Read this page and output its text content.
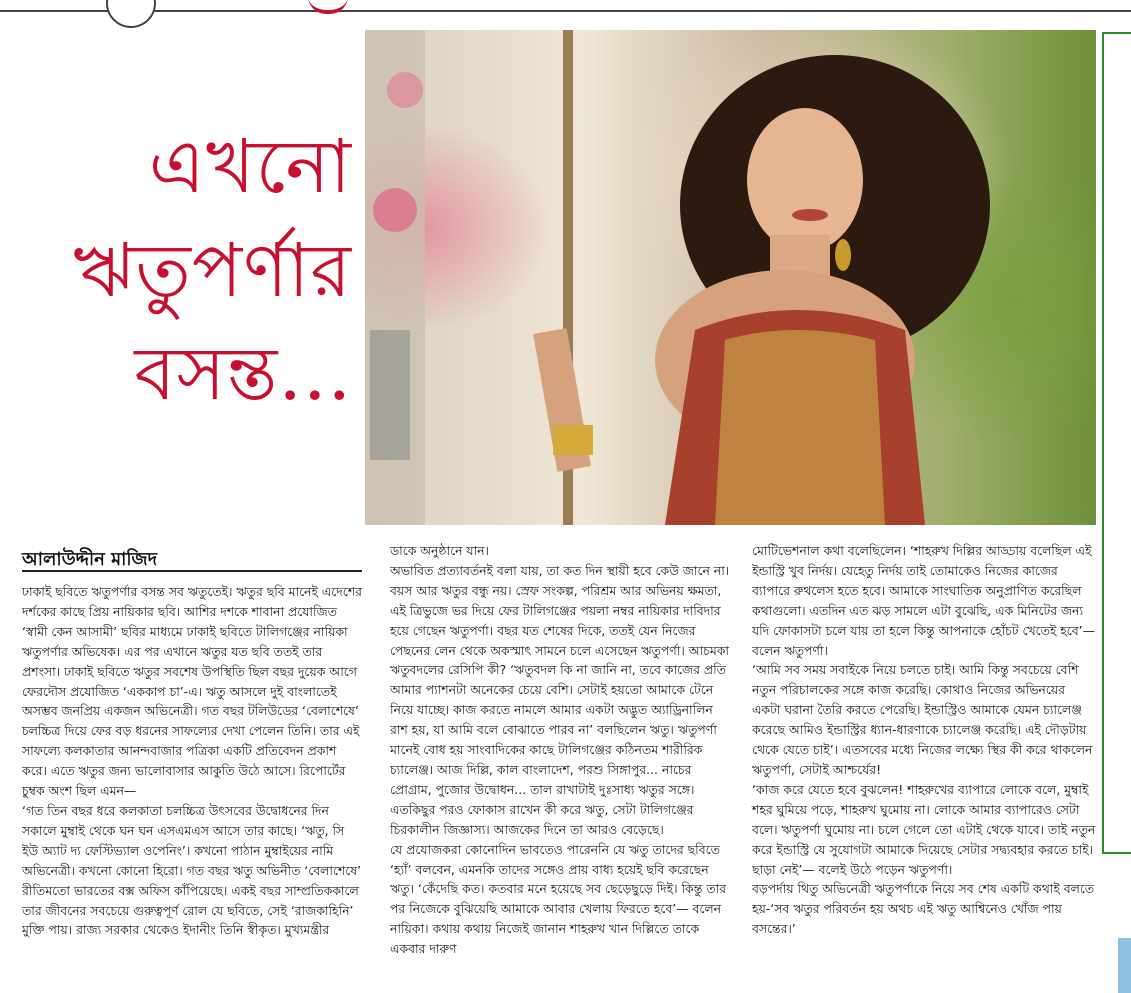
এখনো
ঋতুপর্ণার
বসন্ত...
আলাউদ্দীন মাজিদ

ঢাকাই ছবিতে ঋতুপর্ণার বসন্ত সব ঋতুতেই। ঋতুর ছবি মানেই এদেশের দর্শকের কাছে প্রিয় নায়িকার ছবি। আশির দশকে শাবানা প্রযোজিত ‘স্বামী কেন আসামী’ ছবির মাধ্যমে ঢাকাই ছবিতে টালিগঞ্জের নায়িকা ঋতুপর্ণার অভিষেক। এর পর এখানে ঋতুর যত ছবি ততই তার প্রশংসা। ঢাকাই ছবিতে ঋতুর সবশেষ উপস্থিতি ছিল বছর দুয়েক আগে ফেরদৌস প্রযোজিত ‘এককাপ চা’-এ। ঋতু আসলে দুই বাংলাতেই অসম্ভব জনপ্রিয় একজন অভিনেত্রী। গত বছর টলিউডের ‘বেলাশেষে’ চলচ্চিত্র দিয়ে ফের বড় ধরনের সাফল্যের দেখা পেলেন তিনি। তার এই সাফল্যে কলকাতার আনন্দবাজার পত্রিকা একটি প্রতিবেদন প্রকাশ করে। এতে ঋতুর জন্য ভালোবাসার আকুতি উঠে আসে। রিপোর্টের চুম্বক অংশ ছিল এমন—

‘গত তিন বছর ধরে কলকাতা চলচ্চিত্র উৎসবের উদ্বোধনের দিন সকালে মুম্বাই থেকে ঘন ঘন এসএমএস আসে তার কাছে। ‘ঋতু, সি ইউ অ্যাট দ্য ফেস্টিভ্যাল ওপেনিং’। কখনো পাঠান মুম্বাইয়ের নামি অভিনেত্রী। কখনো কোনো হিরো। গত বছর ঋতু অভিনীত ‘বেলাশেষে’ রীতিমতো ভারতের বক্স অফিস কাঁপিয়েছে। একই বছর সাম্প্রতিককালে তার জীবনের সবচেয়ে গুরুত্বপূর্ণ রোল যে ছবিতে, সেই ‘রাজকাহিনি’ মুক্তি পায়। রাজ্য সরকার থেকেও ইদানীং তিনি স্বীকৃত। মুখ্যমন্ত্রীর

ডাকে অনুষ্ঠানে যান।

অভাবিত প্রত্যাবর্তনই বলা যায়, তা কত দিন স্থায়ী হবে কেউ জানে না। বয়স আর ঋতুর বন্ধু নয়। স্রেফ সংকল্প, পরিশ্রম আর অভিনয় ক্ষমতা, এই ত্রিভুজে ভর দিয়ে ফের টালিগঞ্জের পয়লা নম্বর নায়িকার দাবিদার হয়ে গেছেন ঋতুপর্ণা। বছর যত শেষের দিকে, ততই যেন নিজের পেছনের লেন থেকে অকস্মাৎ সামনে চলে এসেছেন ঋতুপর্ণা। আচমকা ঋতুবদলের রেসিপি কী? ‘ঋতুবদল কি না জানি না, তবে কাজের প্রতি আমার প্যাশনটা অনেকের চেয়ে বেশি। সেটাই হয়তো আমাকে টেনে নিয়ে যাচ্ছে। কাজ করতে নামলে আমার একটা অদ্ভুত অ্যাড্রিনালিন রাশ হয়, যা আমি বলে বোঝাতে পারব না’ বলছিলেন ঋতু। ঋতুপর্ণা মানেই বোধ হয় সাংবাদিকের কাছে টালিগঞ্জের কঠিনতম শারীরিক চ্যালেঞ্জ। আজ দিল্লি, কাল বাংলাদেশ, পরশু সিঙ্গাপুর... নাচের প্রোগ্রাম, পুজোর উদ্বোধন... তাল রাখাটাই দুঃসাধ্য ঋতুর সঙ্গে। এতকিছুর পরও ফোকাস রাখেন কী করে ঋতু, সেটা টালিগঞ্জের চিরকালীন জিজ্ঞাস্য। আজকের দিনে তা আরও বেড়েছে।

যে প্রযোজকরা কোনোদিন ভাবতেও পারেননি যে ঋতু তাদের ছবিতে ‘হ্যাঁ’ বলবেন, এমনকি তাদের সঙ্গেও প্রায় বাধ্য হয়েই ছবি করেছেন ঋতু। ‘কেঁদেছি কত। কতবার মনে হয়েছে সব ছেড়েছুড়ে দিই। কিন্তু তার পর নিজেকে বুঝিয়েছি আমাকে আবার খেলায় ফিরতে হবে’— বলেন নায়িকা। কথায় কথায় নিজেই জানান শাহরুখ খান দিল্লিতে তাকে একবার দারুণ

মোটিভেশনাল কথা বলেছিলেন। ‘শাহরুখ দিল্লির আড্ডায় বলেছিল এই ইন্ডাস্ট্রি খুব নির্দয়। যেহেতু নির্দয় তাই তোমাকেও নিজের কাজের ব্যাপারে রুথলেস হতে হবে। আমাকে সাংঘাতিক অনুপ্রাণিত করেছিল কথাগুলো। এতদিন এত ঝড় সামলে এটা বুঝেছি, এক মিনিটের জন্য যদি ফোকাসটা চলে যায় তা হলে কিন্তু আপনাকে হোঁচট খেতেই হবে’— বলেন ঋতুপর্ণা।

‘আমি সব সময় সবাইকে নিয়ে চলতে চাই। আমি কিন্তু সবচেয়ে বেশি নতুন পরিচালকের সঙ্গে কাজ করেছি। কোথাও নিজের অভিনয়ের একটা ঘরানা তৈরি করতে পেরেছি। ইন্ডাস্ট্রিও আমাকে যেমন চ্যালেঞ্জ করেছে আমিও ইন্ডাস্ট্রির ধ্যান-ধারণাকে চ্যালেঞ্জ করেছি। এই দৌড়টায় থেকে যেতে চাই’। এতসবের মধ্যে নিজের লক্ষ্যে স্থির কী করে থাকলেন ঋতুপর্ণা, সেটাই আশ্চর্যের!

‘কাজ করে যেতে হবে বুঝলেন! শাহরুখের ব্যাপারে লোকে বলে, মুম্বাই শহর ঘুমিয়ে পড়ে, শাহরুখ ঘুমোয় না। লোকে আমার ব্যাপারেও সেটা বলে। ঋতুপর্ণা ঘুমোয় না। চলে গেলে তো এটাই থেকে যাবে। তাই নতুন করে ইন্ডাস্ট্রি যে সুযোগটা আমাকে দিয়েছে সেটার সদ্ব্যবহার করতে চাই। ছাড়া নেই’— বলেই উঠে পড়েন ঋতুপর্ণা।

বড়পর্দায় থিতু অভিনেত্রী ঋতুপর্ণাকে নিয়ে সব শেষ একটি কথাই বলতে হয়-‘সব ঋতুর পরিবর্তন হয় অথচ এই ঋতু আশ্বিনেও খোঁজ পায় বসন্তের।’
